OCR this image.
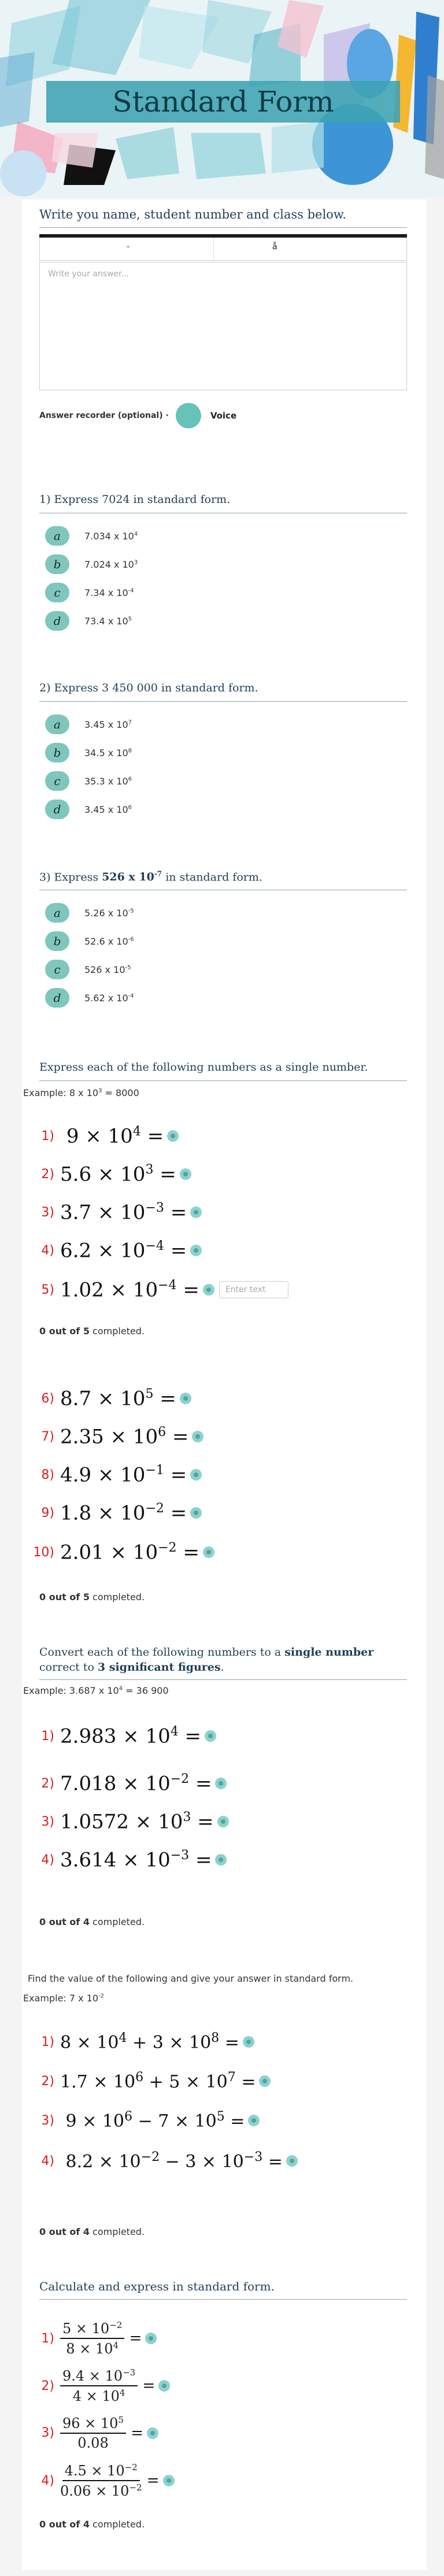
Standard Form
Write you name, student number and class below.
-	å
Write your answer...
Answer recorder (optional) ·	Voice
1) Express 7024 in standard form.
a	7.034 x $10^4$
b	7.024 x $10^3$
c	7.34 x $10^{-4}$
d	73.4 x $10^5$
2) Express 3 450 000 in standard form.
a	3.45 x $10^7$
b	34.5 x $10^8$
c	35.3 x $10^6$
d	3.45 x $10^6$
3) Express 526 x $10^{-7}$ in standard form.
a	5.26 x $10^{-5}$
b	52.6 x $10^{-6}$
c	526 x $10^{-5}$
d	5.62 x $10^{-4}$
Express each of the following numbers as a single number.
Example: 8 x $10^3 = 8000$
1) $9 \times 10^4$ =
2) $5.6 \times 10^3$ =
3) $3.7 \times 10^{-3}$ =
4) $6.2 \times 10^{-4}$ =
5) $1.02 \times 10^{-4}$ =	Enter text
0 out of 5 completed.
6) $8.7 \times 10^5$ =
7) $2.35 \times 10^6$ =
8) $4.9 \times 10^{-1}$ =
9) $1.8 \times 10^{-2}$ =
10) $2.01 \times 10^{-2}$ =
0 out of 5 completed.
Convert each of the following numbers to a single number
correct to 3 significant figures.
Example: 3.687 x $10^4 = 36$ 900
1) $2.983 \times 10^4$ =
2) $7.018 \times 10^{-2}$ =
3) $1.0572 \times 10^3$ =
4) $3.614 \times 10^{-3}$ =
0 out of 4 completed.
Find the value of the following and give your answer in standard form.
Example: 7 x $10^{-2}$
1) $8 \times 10^4 + 3 \times 10^8$ =
2) $1.7 \times 10^6 + 5 \times 10^7$ =
3) $9 \times 10^6 - 7 \times 10^5$ =
4) $8.2 \times 10^{-2} - 3 \times 10^{-3}$ =
0 out of 4 completed.
Calculate and express in standard form.
$1) \frac{5 \times 10^{-2}}{8 \times 10^4}$ =
$2) \frac{9.4 \times 10^{-3}}{4 \times 10^4}$ =
$3) \frac{96 \times 10^5}{0.08}$ =
$4) \frac{4.5 \times 10^{-2}}{0.06 \times 10^{-2}}$ =
0 out of 4 completed.
